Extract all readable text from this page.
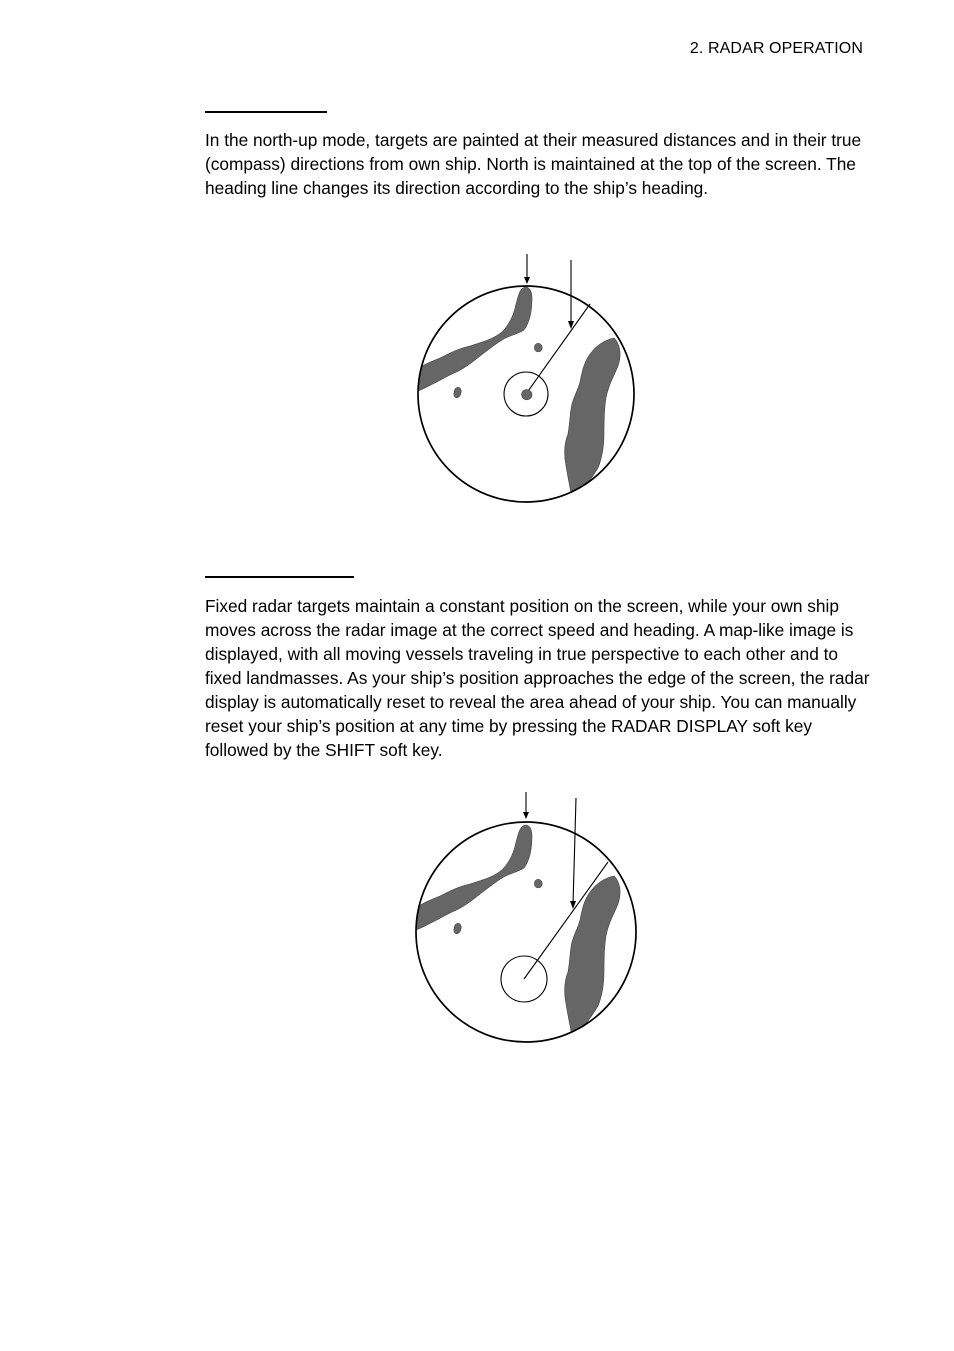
2. RADAR OPERATION

In the north-up mode, targets are painted at their measured distances and in their true (compass) directions from own ship. North is maintained at the top of the screen. The heading line changes its direction according to the ship’s heading.

Fixed radar targets maintain a constant position on the screen, while your own ship moves across the radar image at the correct speed and heading. A map-like image is displayed, with all moving vessels traveling in true perspective to each other and to fixed landmasses. As your ship’s position approaches the edge of the screen, the radar display is automatically reset to reveal the area ahead of your ship. You can manually reset your ship’s position at any time by pressing the RADAR DISPLAY soft key followed by the SHIFT soft key.
